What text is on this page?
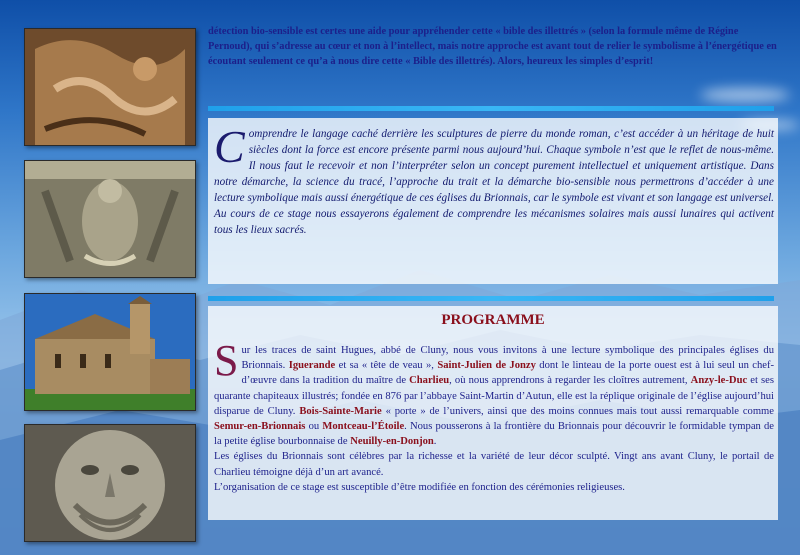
détection bio-sensible est certes une aide pour appréhender cette « bible des illettrés » (selon la formule même de Régine Pernoud), qui s’adresse au cœur et non à l’intellect, mais notre approche est avant tout de relier le symbolisme à l’énergétique en écoutant seulement ce qu’a à nous dire cette « Bible des illettrés). Alors, heureux les simples d’esprit!

Comprendre le langage caché derrière les sculptures de pierre du monde roman, c’est accéder à un héritage de huit siècles dont la force est encore présente parmi nous aujourd’hui. Chaque symbole n’est que le reflet de nous-même. Il nous faut le recevoir et non l’interpréter selon un concept purement intellectuel et uniquement artistique. Dans notre démarche, la science du tracé, l’approche du trait et la démarche bio-sensible nous permettrons d’accéder à une lecture symbolique mais aussi énergétique de ces églises du Brionnais, car le symbole est vivant et son langage est universel.
Au cours de ce stage nous essayerons également de comprendre les mécanismes solaires mais aussi lunaires qui activent tous les lieux sacrés.
PROGRAMME

Sur les traces de saint Hugues, abbé de Cluny, nous vous invitons à une lecture symbolique des principales églises du Brionnais. Iguerande et sa « tête de veau », Saint-Julien de Jonzy dont le linteau de la porte ouest est à lui seul un chef-d’œuvre dans la tradition du maître de Charlieu, où nous apprendrons à regarder les cloîtres autrement, Anzy-le-Duc et ses quarante chapiteaux illustrés; fondée en 876 par l’abbaye Saint-Martin d’Autun, elle est la réplique originale de l’église aujourd’hui disparue de Cluny. Bois-Sainte-Marie « porte » de l’univers, ainsi que des moins connues mais tout aussi remarquable comme Semur-en-Brionnais ou Montceau-l’Étoile. Nous pousserons à la frontière du Brionnais pour découvrir le formidable tympan de la petite église bourbonnaise de Neuilly-en-Donjon.
Les églises du Brionnais sont célèbres par la richesse et la variété de leur décor sculpté. Vingt ans avant Cluny, le portail de Charlieu témoigne déjà d’un art avancé.
L’organisation de ce stage est susceptible d’être modifiée en fonction des cérémonies religieuses.
